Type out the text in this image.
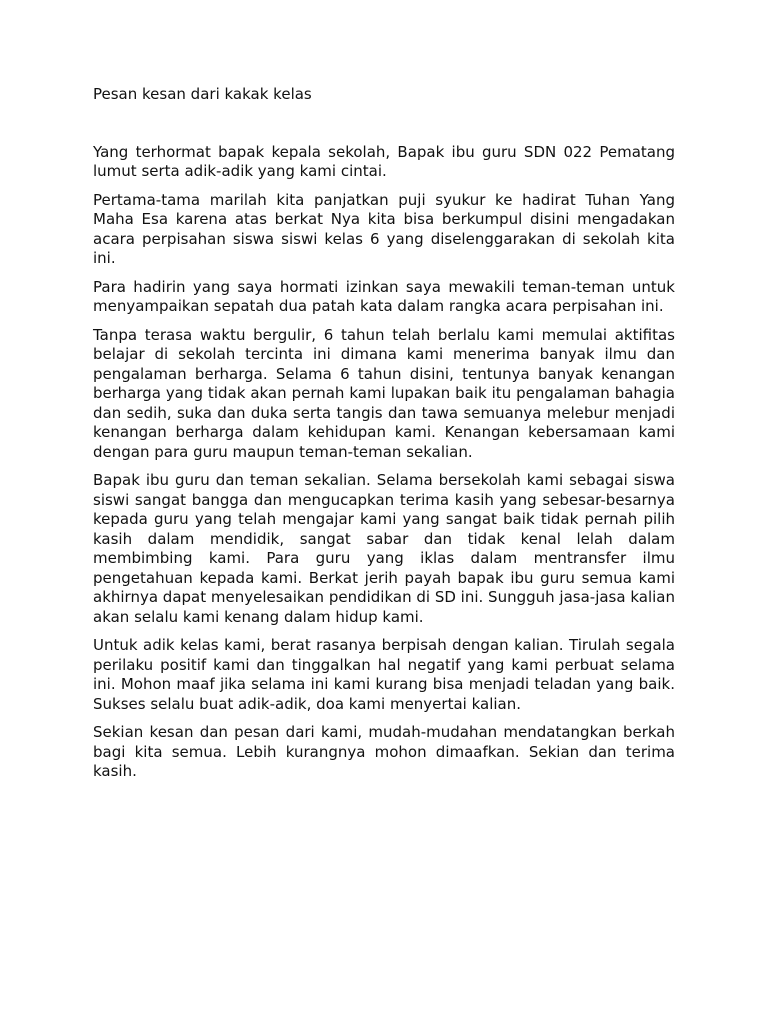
Pesan kesan dari kakak kelas

Yang terhormat bapak kepala sekolah, Bapak ibu guru SDN 022 Pematang lumut serta adik-adik yang kami cintai.

Pertama-tama marilah kita panjatkan puji syukur ke hadirat Tuhan Yang Maha Esa karena atas berkat Nya kita bisa berkumpul disini mengadakan acara perpisahan siswa siswi kelas 6 yang diselenggarakan di sekolah kita ini.

Para hadirin yang saya hormati izinkan saya mewakili teman-teman untuk menyampaikan sepatah dua patah kata dalam rangka acara perpisahan ini.

Tanpa terasa waktu bergulir, 6 tahun telah berlalu kami memulai aktifitas belajar di sekolah tercinta ini dimana kami menerima banyak ilmu dan pengalaman berharga. Selama 6 tahun disini, tentunya banyak kenangan berharga yang tidak akan pernah kami lupakan baik itu pengalaman bahagia dan sedih, suka dan duka serta tangis dan tawa semuanya melebur menjadi kenangan berharga dalam kehidupan kami. Kenangan kebersamaan kami dengan para guru maupun teman-teman sekalian.

Bapak ibu guru dan teman sekalian. Selama bersekolah kami sebagai siswa siswi sangat bangga dan mengucapkan terima kasih yang sebesar-besarnya kepada guru yang telah mengajar kami yang sangat baik tidak pernah pilih kasih dalam mendidik, sangat sabar dan tidak kenal lelah dalam membimbing kami. Para guru yang iklas dalam mentransfer ilmu pengetahuan kepada kami. Berkat jerih payah bapak ibu guru semua kami akhirnya dapat menyelesaikan pendidikan di SD ini. Sungguh jasa-jasa kalian akan selalu kami kenang dalam hidup kami.

Untuk adik kelas kami, berat rasanya berpisah dengan kalian. Tirulah segala perilaku positif kami dan tinggalkan hal negatif yang kami perbuat selama ini. Mohon maaf jika selama ini kami kurang bisa menjadi teladan yang baik. Sukses selalu buat adik-adik, doa kami menyertai kalian.

Sekian kesan dan pesan dari kami, mudah-mudahan mendatangkan berkah bagi kita semua. Lebih kurangnya mohon dimaafkan. Sekian dan terima kasih.
